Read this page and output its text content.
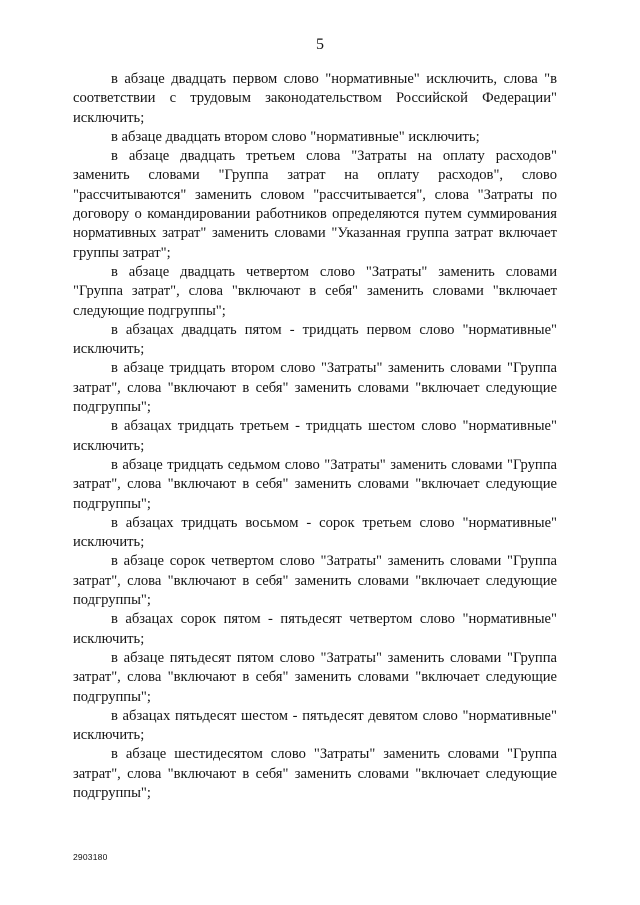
5

в абзаце двадцать первом слово "нормативные" исключить, слова "в соответствии с трудовым законодательством Российской Федерации" исключить;

в абзаце двадцать втором слово "нормативные" исключить;

в абзаце двадцать третьем слова "Затраты на оплату расходов" заменить словами "Группа затрат на оплату расходов", слово "рассчитываются" заменить словом "рассчитывается", слова "Затраты по договору о командировании работников определяются путем суммирования нормативных затрат" заменить словами "Указанная группа затрат включает группы затрат";

в абзаце двадцать четвертом слово "Затраты" заменить словами "Группа затрат", слова "включают в себя" заменить словами "включает следующие подгруппы";

в абзацах двадцать пятом - тридцать первом слово "нормативные" исключить;

в абзаце тридцать втором слово "Затраты" заменить словами "Группа затрат", слова "включают в себя" заменить словами "включает следующие подгруппы";

в абзацах тридцать третьем - тридцать шестом слово "нормативные" исключить;

в абзаце тридцать седьмом слово "Затраты" заменить словами "Группа затрат", слова "включают в себя" заменить словами "включает следующие подгруппы";

в абзацах тридцать восьмом - сорок третьем слово "нормативные" исключить;

в абзаце сорок четвертом слово "Затраты" заменить словами "Группа затрат", слова "включают в себя" заменить словами "включает следующие подгруппы";

в абзацах сорок пятом - пятьдесят четвертом слово "нормативные" исключить;

в абзаце пятьдесят пятом слово "Затраты" заменить словами "Группа затрат", слова "включают в себя" заменить словами "включает следующие подгруппы";

в абзацах пятьдесят шестом - пятьдесят девятом слово "нормативные" исключить;

в абзаце шестидесятом слово "Затраты" заменить словами "Группа затрат", слова "включают в себя" заменить словами "включает следующие подгруппы";

2903180
